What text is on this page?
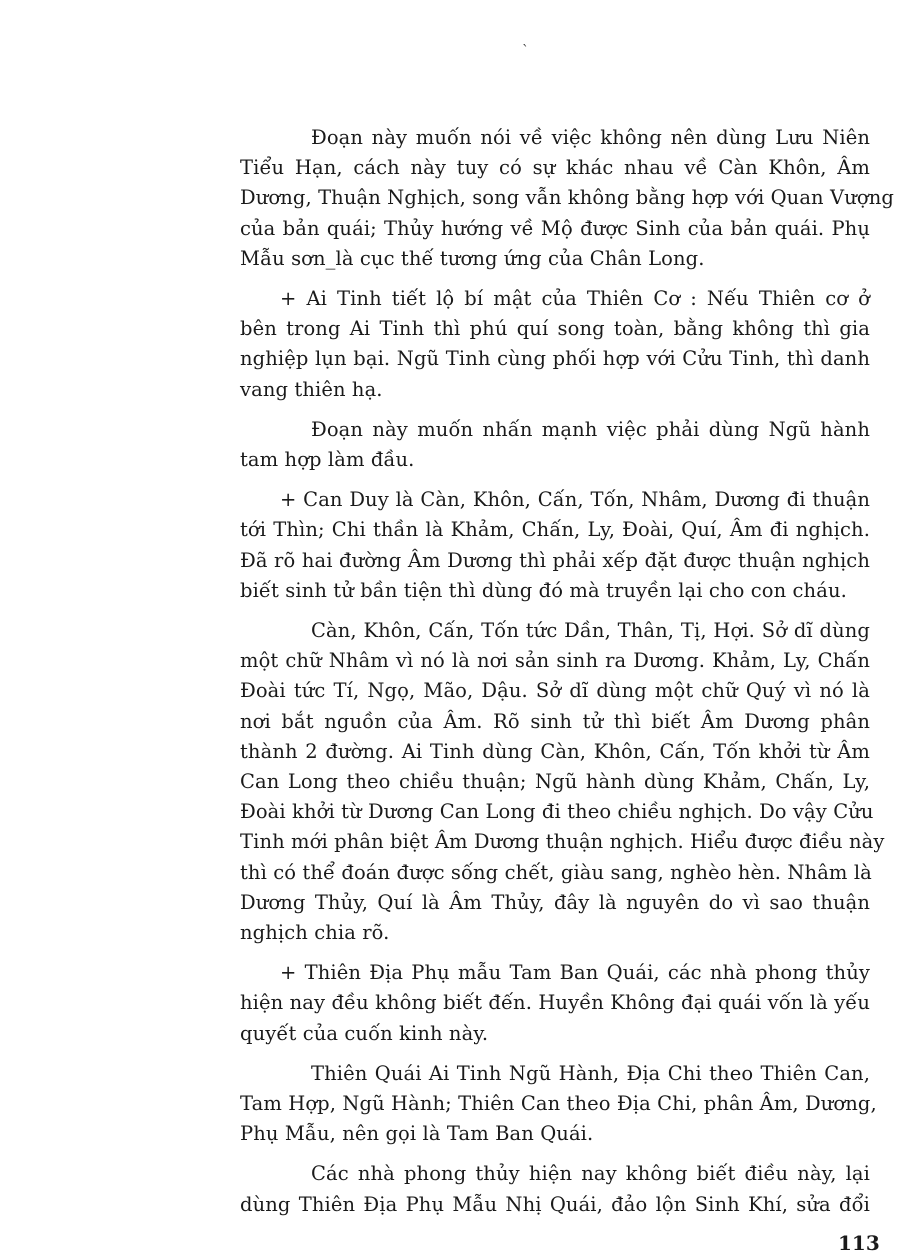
`
Đoạn này muốn nói về việc không nên dùng Lưu Niên
Tiểu Hạn, cách này tuy có sự khác nhau về Càn Khôn, Âm
Dương, Thuận Nghịch, song vẫn không bằng hợp với Quan Vượng
của bản quái; Thủy hướng về Mộ được Sinh của bản quái. Phụ
Mẫu sơn_là cục thế tương ứng của Chân Long.
+ Ai Tinh tiết lộ bí mật của Thiên Cơ : Nếu Thiên cơ ở
bên trong Ai Tinh thì phú quí song toàn, bằng không thì gia
nghiệp lụn bại. Ngũ Tinh cùng phối hợp với Cửu Tinh, thì danh
vang thiên hạ.
Đoạn này muốn nhấn mạnh việc phải dùng Ngũ hành
tam hợp làm đầu.
+ Can Duy là Càn, Khôn, Cấn, Tốn, Nhâm, Dương đi thuận
tới Thìn; Chi thần là Khảm, Chấn, Ly, Đoài, Quí, Âm đi nghịch.
Đã rõ hai đường Âm Dương thì phải xếp đặt được thuận nghịch
biết sinh tử bần tiện thì dùng đó mà truyền lại cho con cháu.
Càn, Khôn, Cấn, Tốn tức Dần, Thân, Tị, Hợi. Sở dĩ dùng
một chữ Nhâm vì nó là nơi sản sinh ra Dương. Khảm, Ly, Chấn
Đoài tức Tí, Ngọ, Mão, Dậu. Sở dĩ dùng một chữ Quý vì nó là
nơi bắt nguồn của Âm. Rõ sinh tử thì biết Âm Dương phân
thành 2 đường. Ai Tinh dùng Càn, Khôn, Cấn, Tốn khởi từ Âm
Can Long theo chiều thuận; Ngũ hành dùng Khảm, Chấn, Ly,
Đoài khởi từ Dương Can Long đi theo chiều nghịch. Do vậy Cửu
Tinh mới phân biệt Âm Dương thuận nghịch. Hiểu được điều này
thì có thể đoán được sống chết, giàu sang, nghèo hèn. Nhâm là
Dương Thủy, Quí là Âm Thủy, đây là nguyên do vì sao thuận
nghịch chia rõ.
+ Thiên Địa Phụ mẫu Tam Ban Quái, các nhà phong thủy
hiện nay đều không biết đến. Huyền Không đại quái vốn là yếu
quyết của cuốn kinh này.
Thiên Quái Ai Tinh Ngũ Hành, Địa Chi theo Thiên Can,
Tam Hợp, Ngũ Hành; Thiên Can theo Địa Chi, phân Âm, Dương,
Phụ Mẫu, nên gọi là Tam Ban Quái.
Các nhà phong thủy hiện nay không biết điều này, lại
dùng Thiên Địa Phụ Mẫu Nhị Quái, đảo lộn Sinh Khí, sửa đổi
113
